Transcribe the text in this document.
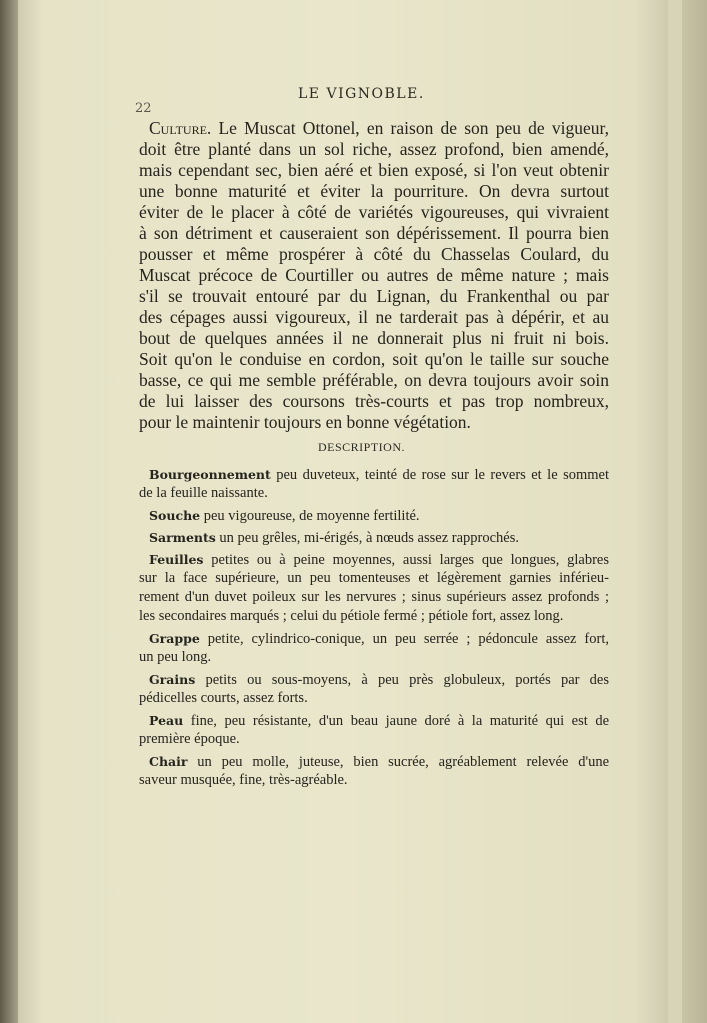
LE VIGNOBLE.
22
Culture. Le Muscat Ottonel, en raison de son peu de vigueur,
doit être planté dans un sol riche, assez profond, bien amendé,
mais cependant sec, bien aéré et bien exposé, si l'on veut obtenir
une bonne maturité et éviter la pourriture. On devra surtout
éviter de le placer à côté de variétés vigoureuses, qui vivraient
à son détriment et causeraient son dépérissement. Il pourra bien
pousser et même prospérer à côté du Chasselas Coulard, du
Muscat précoce de Courtiller ou autres de même nature ; mais
s'il se trouvait entouré par du Lignan, du Frankenthal ou par
des cépages aussi vigoureux, il ne tarderait pas à dépérir, et au
bout de quelques années il ne donnerait plus ni fruit ni bois.
Soit qu'on le conduise en cordon, soit qu'on le taille sur souche
basse, ce qui me semble préférable, on devra toujours avoir soin
de lui laisser des coursons très-courts et pas trop nombreux,
pour le maintenir toujours en bonne végétation.
DESCRIPTION.
Bourgeonnement peu duveteux, teinté de rose sur le revers et le sommet
de la feuille naissante.
Souche peu vigoureuse, de moyenne fertilité.
Sarments un peu grêles, mi-érigés, à nœuds assez rapprochés.
Feuilles petites ou à peine moyennes, aussi larges que longues, glabres
sur la face supérieure, un peu tomenteuses et légèrement garnies inférieu-
rement d'un duvet poileux sur les nervures ; sinus supérieurs assez profonds ;
les secondaires marqués ; celui du pétiole fermé ; pétiole fort, assez long.
Grappe petite, cylindrico-conique, un peu serrée ; pédoncule assez fort,
un peu long.
Grains petits ou sous-moyens, à peu près globuleux, portés par des
pédicelles courts, assez forts.
Peau fine, peu résistante, d'un beau jaune doré à la maturité qui est de
première époque.
Chair un peu molle, juteuse, bien sucrée, agréablement relevée d'une
saveur musquée, fine, très-agréable.
